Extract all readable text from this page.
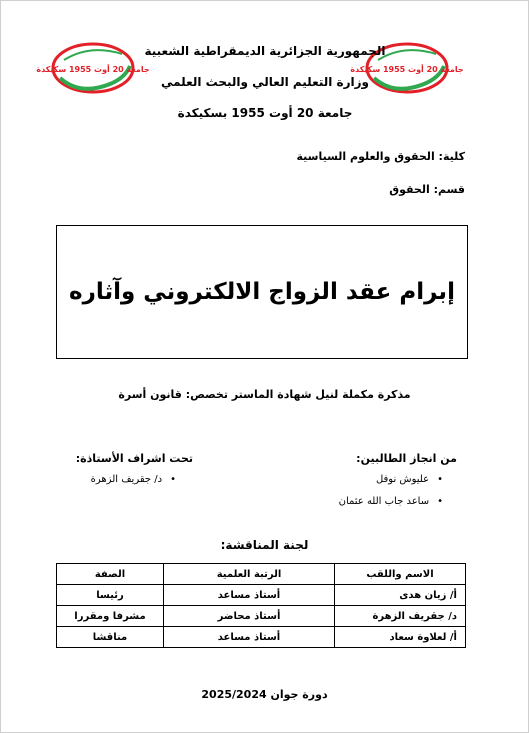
جامعة 20 أوت 1955 سكيكدة	جامعة 20 أوت 1955 سكيكدة
الجمهورية الجزائرية الديمقراطية الشعبية
وزارة التعليم العالي والبحث العلمي
جامعة 20 أوت 1955 بسكيكدة
كلية: الحقوق والعلوم السياسية
قسم: الحقوق
إبرام عقد الزواج الالكتروني وآثاره
مذكرة مكملة لنيل شهادة الماستر تخصص: قانون أسرة
من انجاز الطالبين:
•عليوش نوفل
•ساعد جاب الله عثمان
تحت اشراف الأستاذة:
•د/ جقريف الزهرة
لجنة المناقشة:
الاسم واللقب	الرتبة العلمية	الصفة
أ/ زيان هدى	أستاذ مساعد	رئيسا
د/ جقريف الزهرة	أستاذ محاضر	مشرفا ومقررا
أ/ لعلاوة سعاد	أستاذ مساعد	مناقشا
دورة جوان 2025/2024
